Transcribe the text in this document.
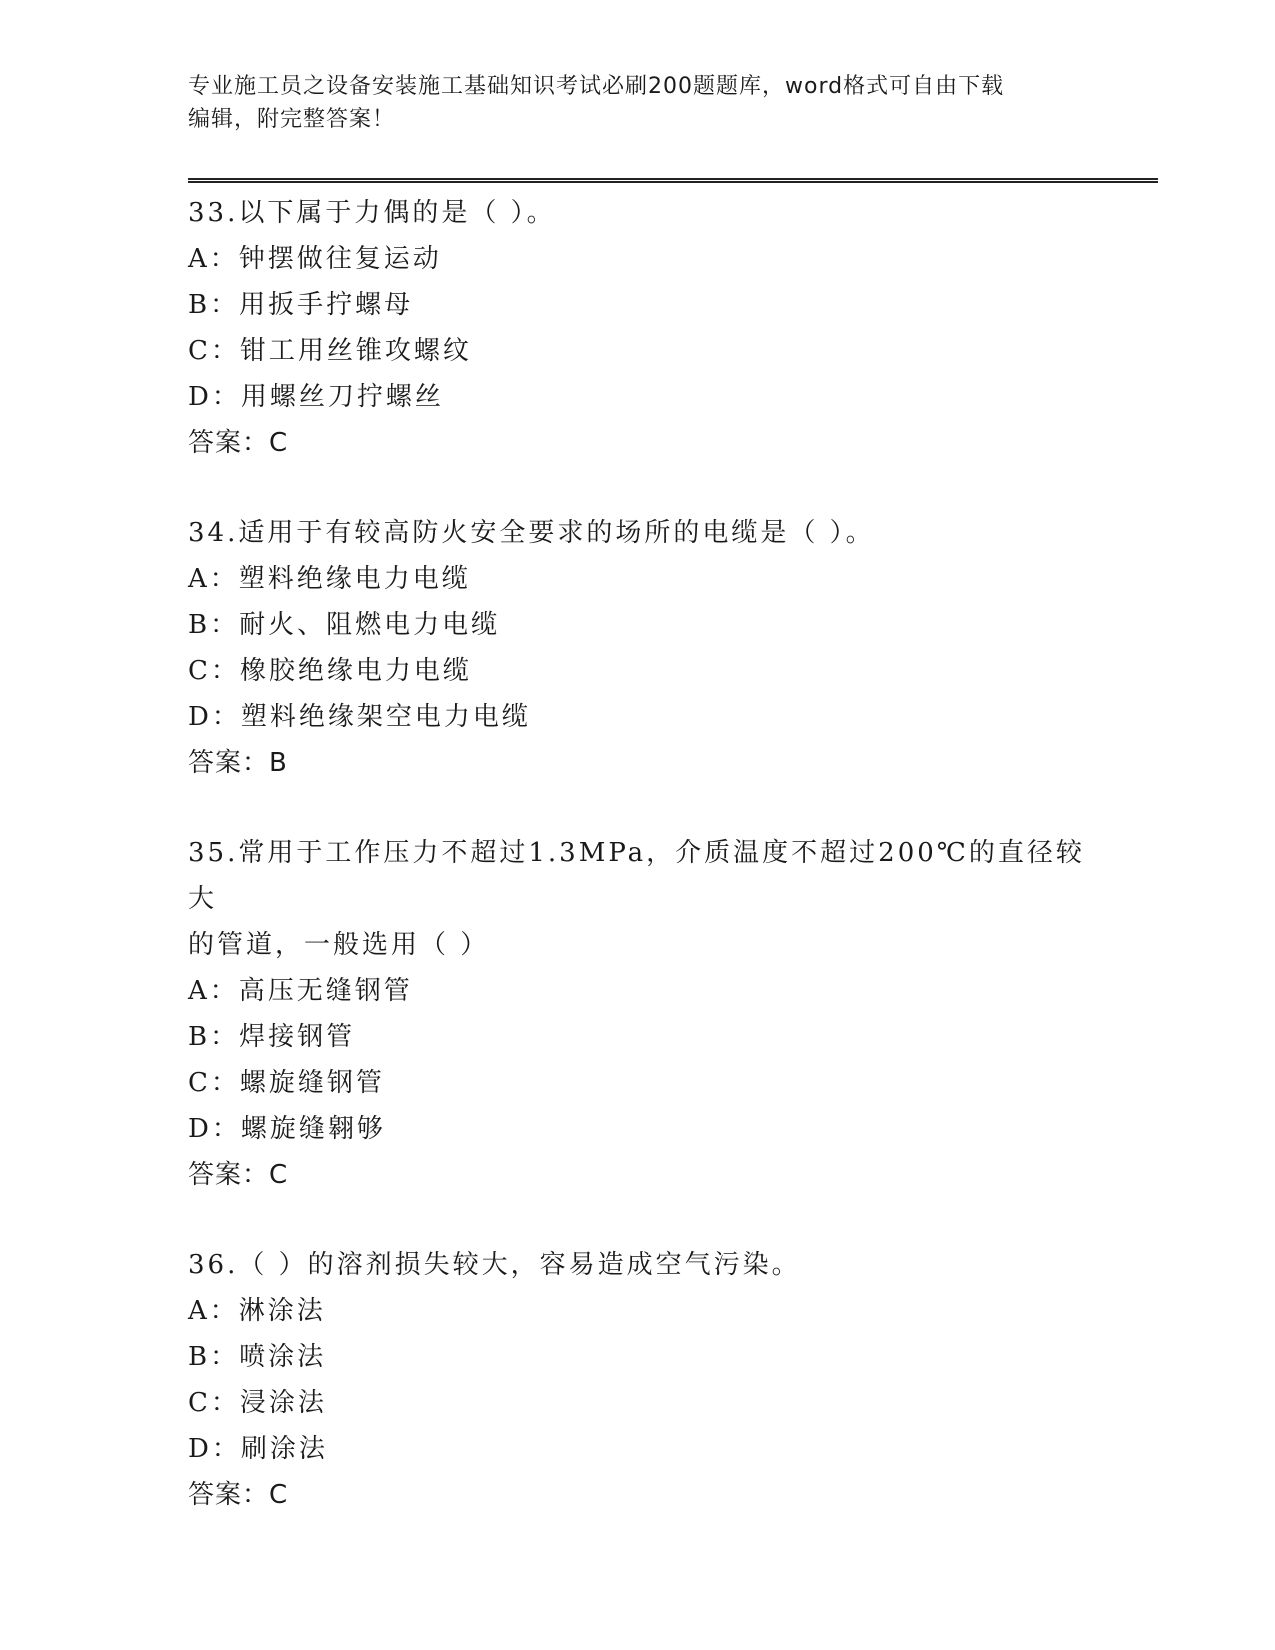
专业施工员之设备安装施工基础知识考试必刷200题题库，word格式可自由下载
编辑，附完整答案！

33.以下属于力偶的是（ ）。

A：钟摆做往复运动

B：用扳手拧螺母

C：钳工用丝锥攻螺纹

D：用螺丝刀拧螺丝

答案：C

34.适用于有较高防火安全要求的场所的电缆是（ ）。

A：塑料绝缘电力电缆

B：耐火、阻燃电力电缆

C：橡胶绝缘电力电缆

D：塑料绝缘架空电力电缆

答案：B

35.常用于工作压力不超过1.3MPa，介质温度不超过200℃的直径较大

的管道，一般选用（ ）

A：高压无缝钢管

B：焊接钢管

C：螺旋缝钢管

D：螺旋缝翱够

答案：C

36.（ ）的溶剂损失较大，容易造成空气污染。

A：淋涂法

B：喷涂法

C：浸涂法

D：刷涂法

答案：C
